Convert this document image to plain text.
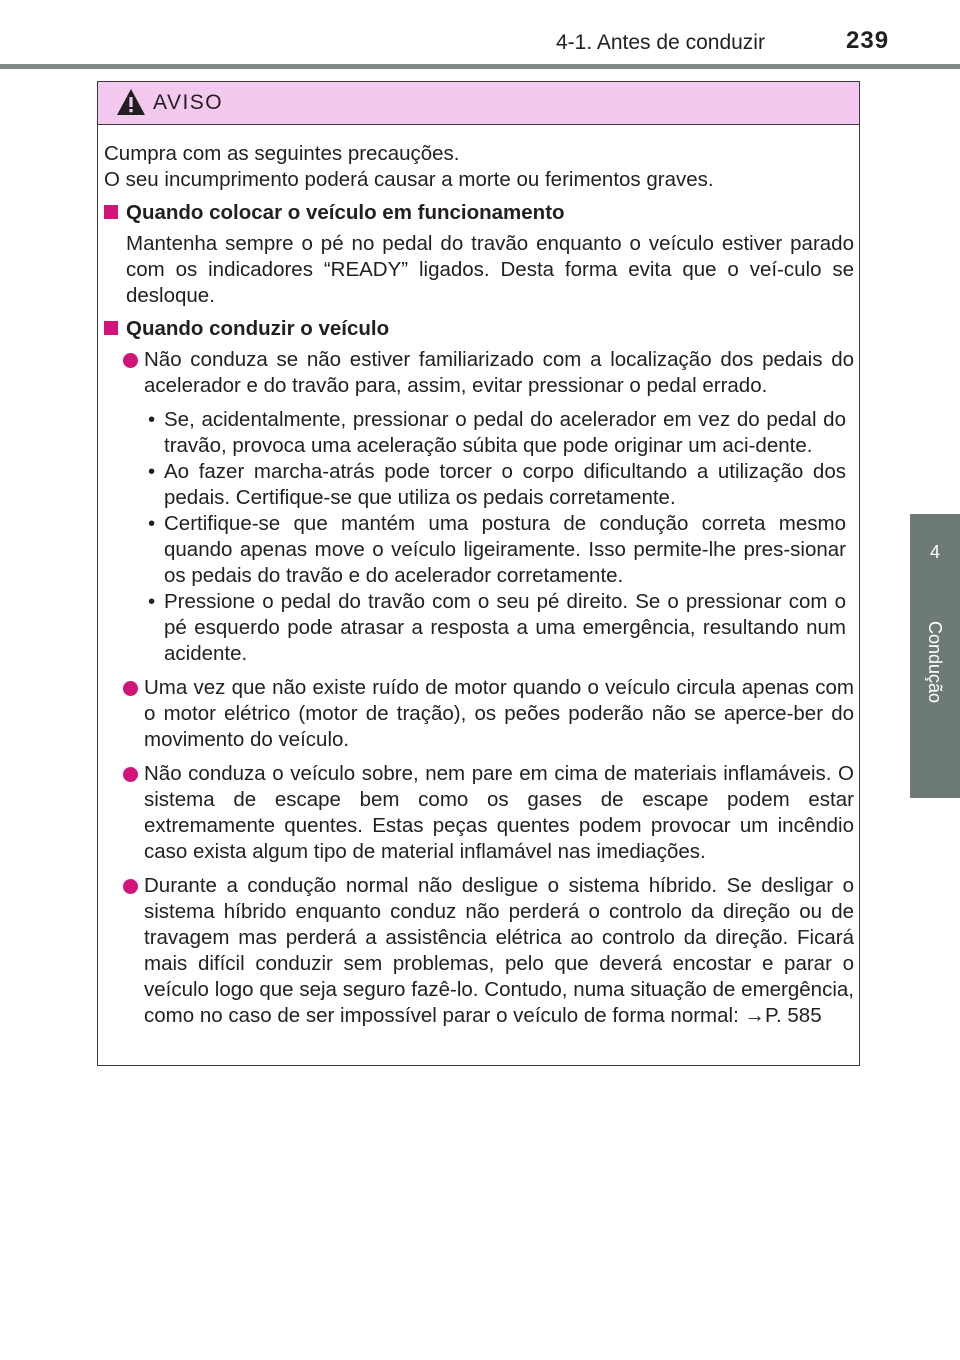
4-1. Antes de conduzir	239
4
Condução
AVISO

Cumpra com as seguintes precauções.

O seu incumprimento poderá causar a morte ou ferimentos graves.

Quando colocar o veículo em funcionamento

Mantenha sempre o pé no pedal do travão enquanto o veículo estiver parado com os indicadores “READY” ligados. Desta forma evita que o veí-culo se desloque.

Quando conduzir o veículo
Não conduza se não estiver familiarizado com a localização dos pedais do acelerador e do travão para, assim, evitar pressionar o pedal errado.
• Se, acidentalmente, pressionar o pedal do acelerador em vez do pedal do travão, provoca uma aceleração súbita que pode originar um aci-dente.
• Ao fazer marcha-atrás pode torcer o corpo dificultando a utilização dos pedais. Certifique-se que utiliza os pedais corretamente.
• Certifique-se que mantém uma postura de condução correta mesmo quando apenas move o veículo ligeiramente. Isso permite-lhe pres-sionar os pedais do travão e do acelerador corretamente.
• Pressione o pedal do travão com o seu pé direito. Se o pressionar com o pé esquerdo pode atrasar a resposta a uma emergência, resultando num acidente.
Uma vez que não existe ruído de motor quando o veículo circula apenas com o motor elétrico (motor de tração), os peões poderão não se aperce-ber do movimento do veículo.
Não conduza o veículo sobre, nem pare em cima de materiais inflamáveis. O sistema de escape bem como os gases de escape podem estar extremamente quentes. Estas peças quentes podem provocar um incêndio caso exista algum tipo de material inflamável nas imediações.
Durante a condução normal não desligue o sistema híbrido. Se desligar o sistema híbrido enquanto conduz não perderá o controlo da direção ou de travagem mas perderá a assistência elétrica ao controlo da direção. Ficará mais difícil conduzir sem problemas, pelo que deverá encostar e parar o veículo logo que seja seguro fazê-lo. Contudo, numa situação de emergência, como no caso de ser impossível parar o veículo de forma normal: →P. 585
